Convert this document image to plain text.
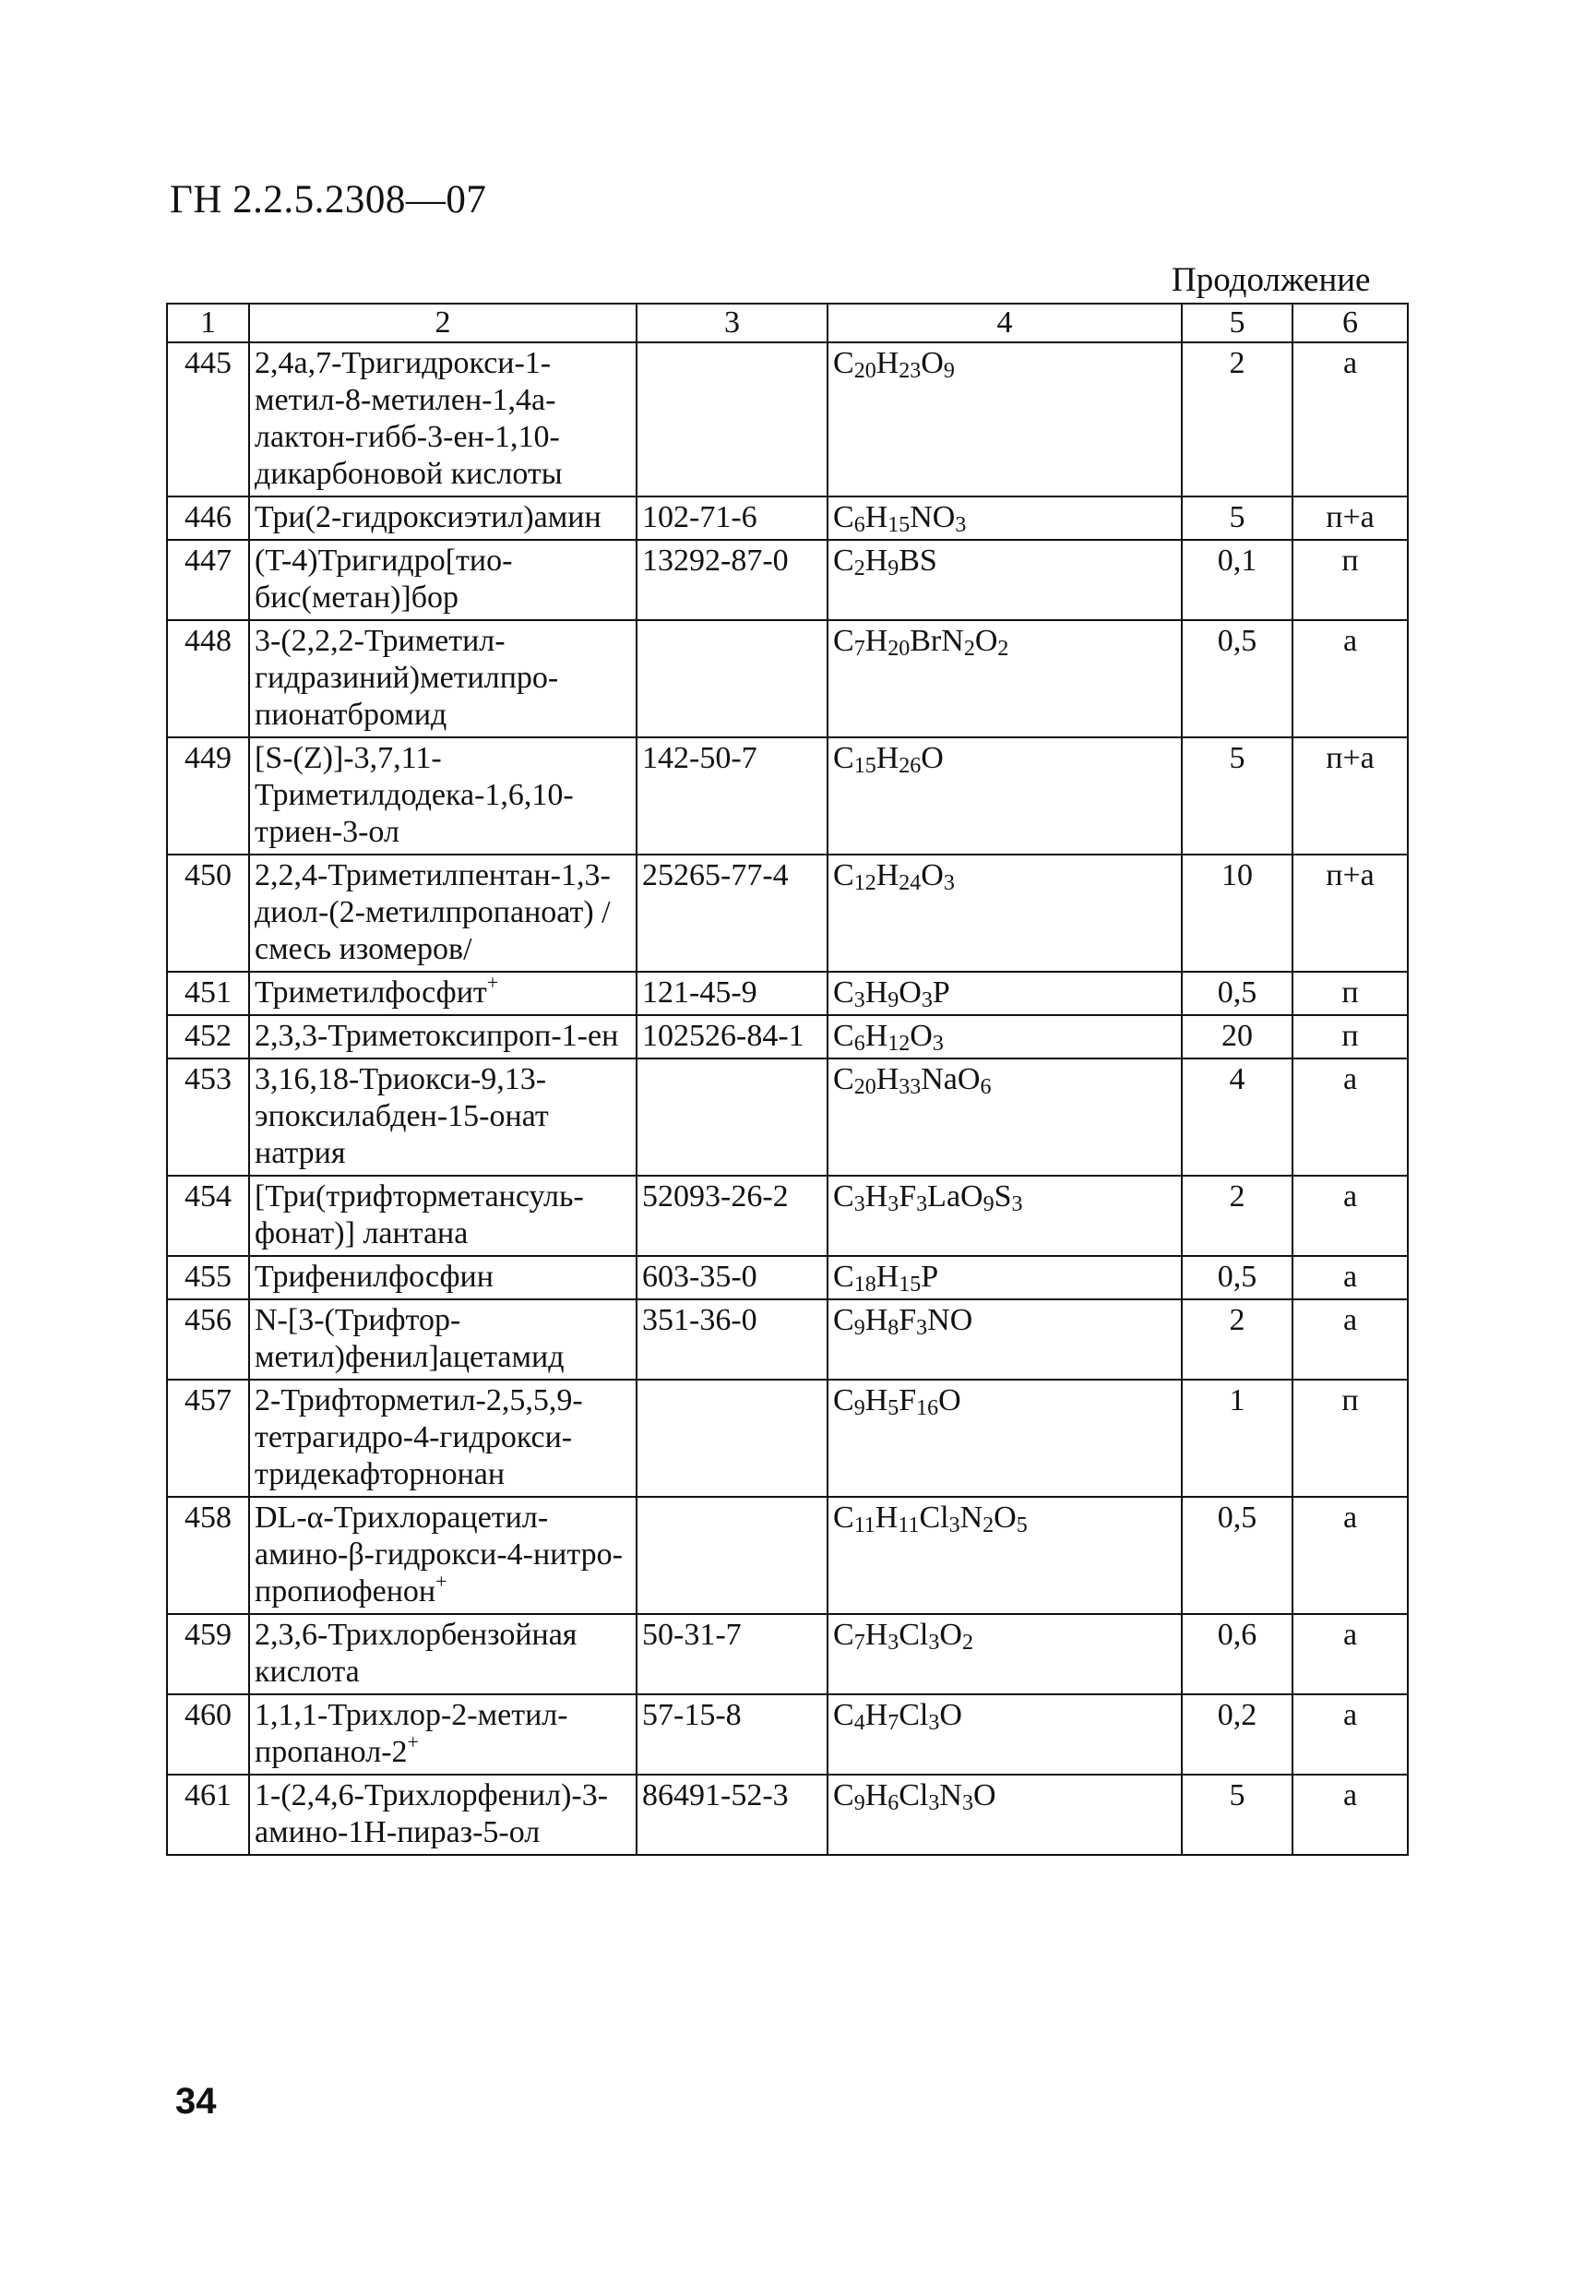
ГН 2.2.5.2308—07
Продолжение
1	2	3	4	5	6
445	2,4a,7-Тригидрокси-1-метил-8-метилен-1,4a-лактон-гибб-3-ен-1,10-дикарбоновой кислоты		$C_{20}H_{23}O_9$	2	а
446	Три(2-гидроксиэтил)амин	102-71-6	$C_6H_{15}NO_3$	5	п+а
447	(T-4)Тригидро[тио-бис(метан)]бор	13292-87-0	$C_2H_9BS$	0,1	п
448	3-(2,2,2-Триметил-гидразиний)метилпро-пионатбромид		$C_7H_{20}BrN_2O_2$	0,5	а
449	[S-(Z)]-3,7,11-Триметилдодека-1,6,10-триен-3-ол	142-50-7	$C_{15}H_{26}O$	5	п+а
450	2,2,4-Триметилпентан-1,3-диол-(2-метилпропаноат) /смесь изомеров/	25265-77-4	$C_{12}H_{24}O_3$	10	п+а
451	Триметилфосфит+	121-45-9	$C_3H_9O_3P$	0,5	п
452	2,3,3-Триметоксипроп-1-ен	102526-84-1	$C_6H_{12}O_3$	20	п
453	3,16,18-Триокси-9,13-эпоксилабден-15-онат натрия		$C_{20}H_{33}NaO_6$	4	а
454	[Три(трифторметансуль-фонат)] лантана	52093-26-2	$C_3H_3F_3LaO_9S_3$	2	а
455	Трифенилфосфин	603-35-0	$C_{18}H_{15}P$	0,5	а
456	N-[3-(Трифтор-метил)фенил]ацетамид	351-36-0	$C_9H_8F_3NO$	2	а
457	2-Трифторметил-2,5,5,9-тетрагидро-4-гидрокси-тридекафторнонан		$C_9H_5F_{16}O$	1	п
458	DL-α-Трихлорацетил-амино-β-гидрокси-4-нитро-пропиофенон+		$C_{11}H_{11}Cl_3N_2O_5$	0,5	а
459	2,3,6-Трихлорбензойная кислота	50-31-7	$C_7H_3Cl_3O_2$	0,6	а
460	1,1,1-Трихлор-2-метил-пропанол-2+	57-15-8	$C_4H_7Cl_3O$	0,2	а
461	1-(2,4,6-Трихлорфенил)-3-амино-1Н-пираз-5-ол	86491-52-3	$C_9H_6Cl_3N_3O$	5	а
34
